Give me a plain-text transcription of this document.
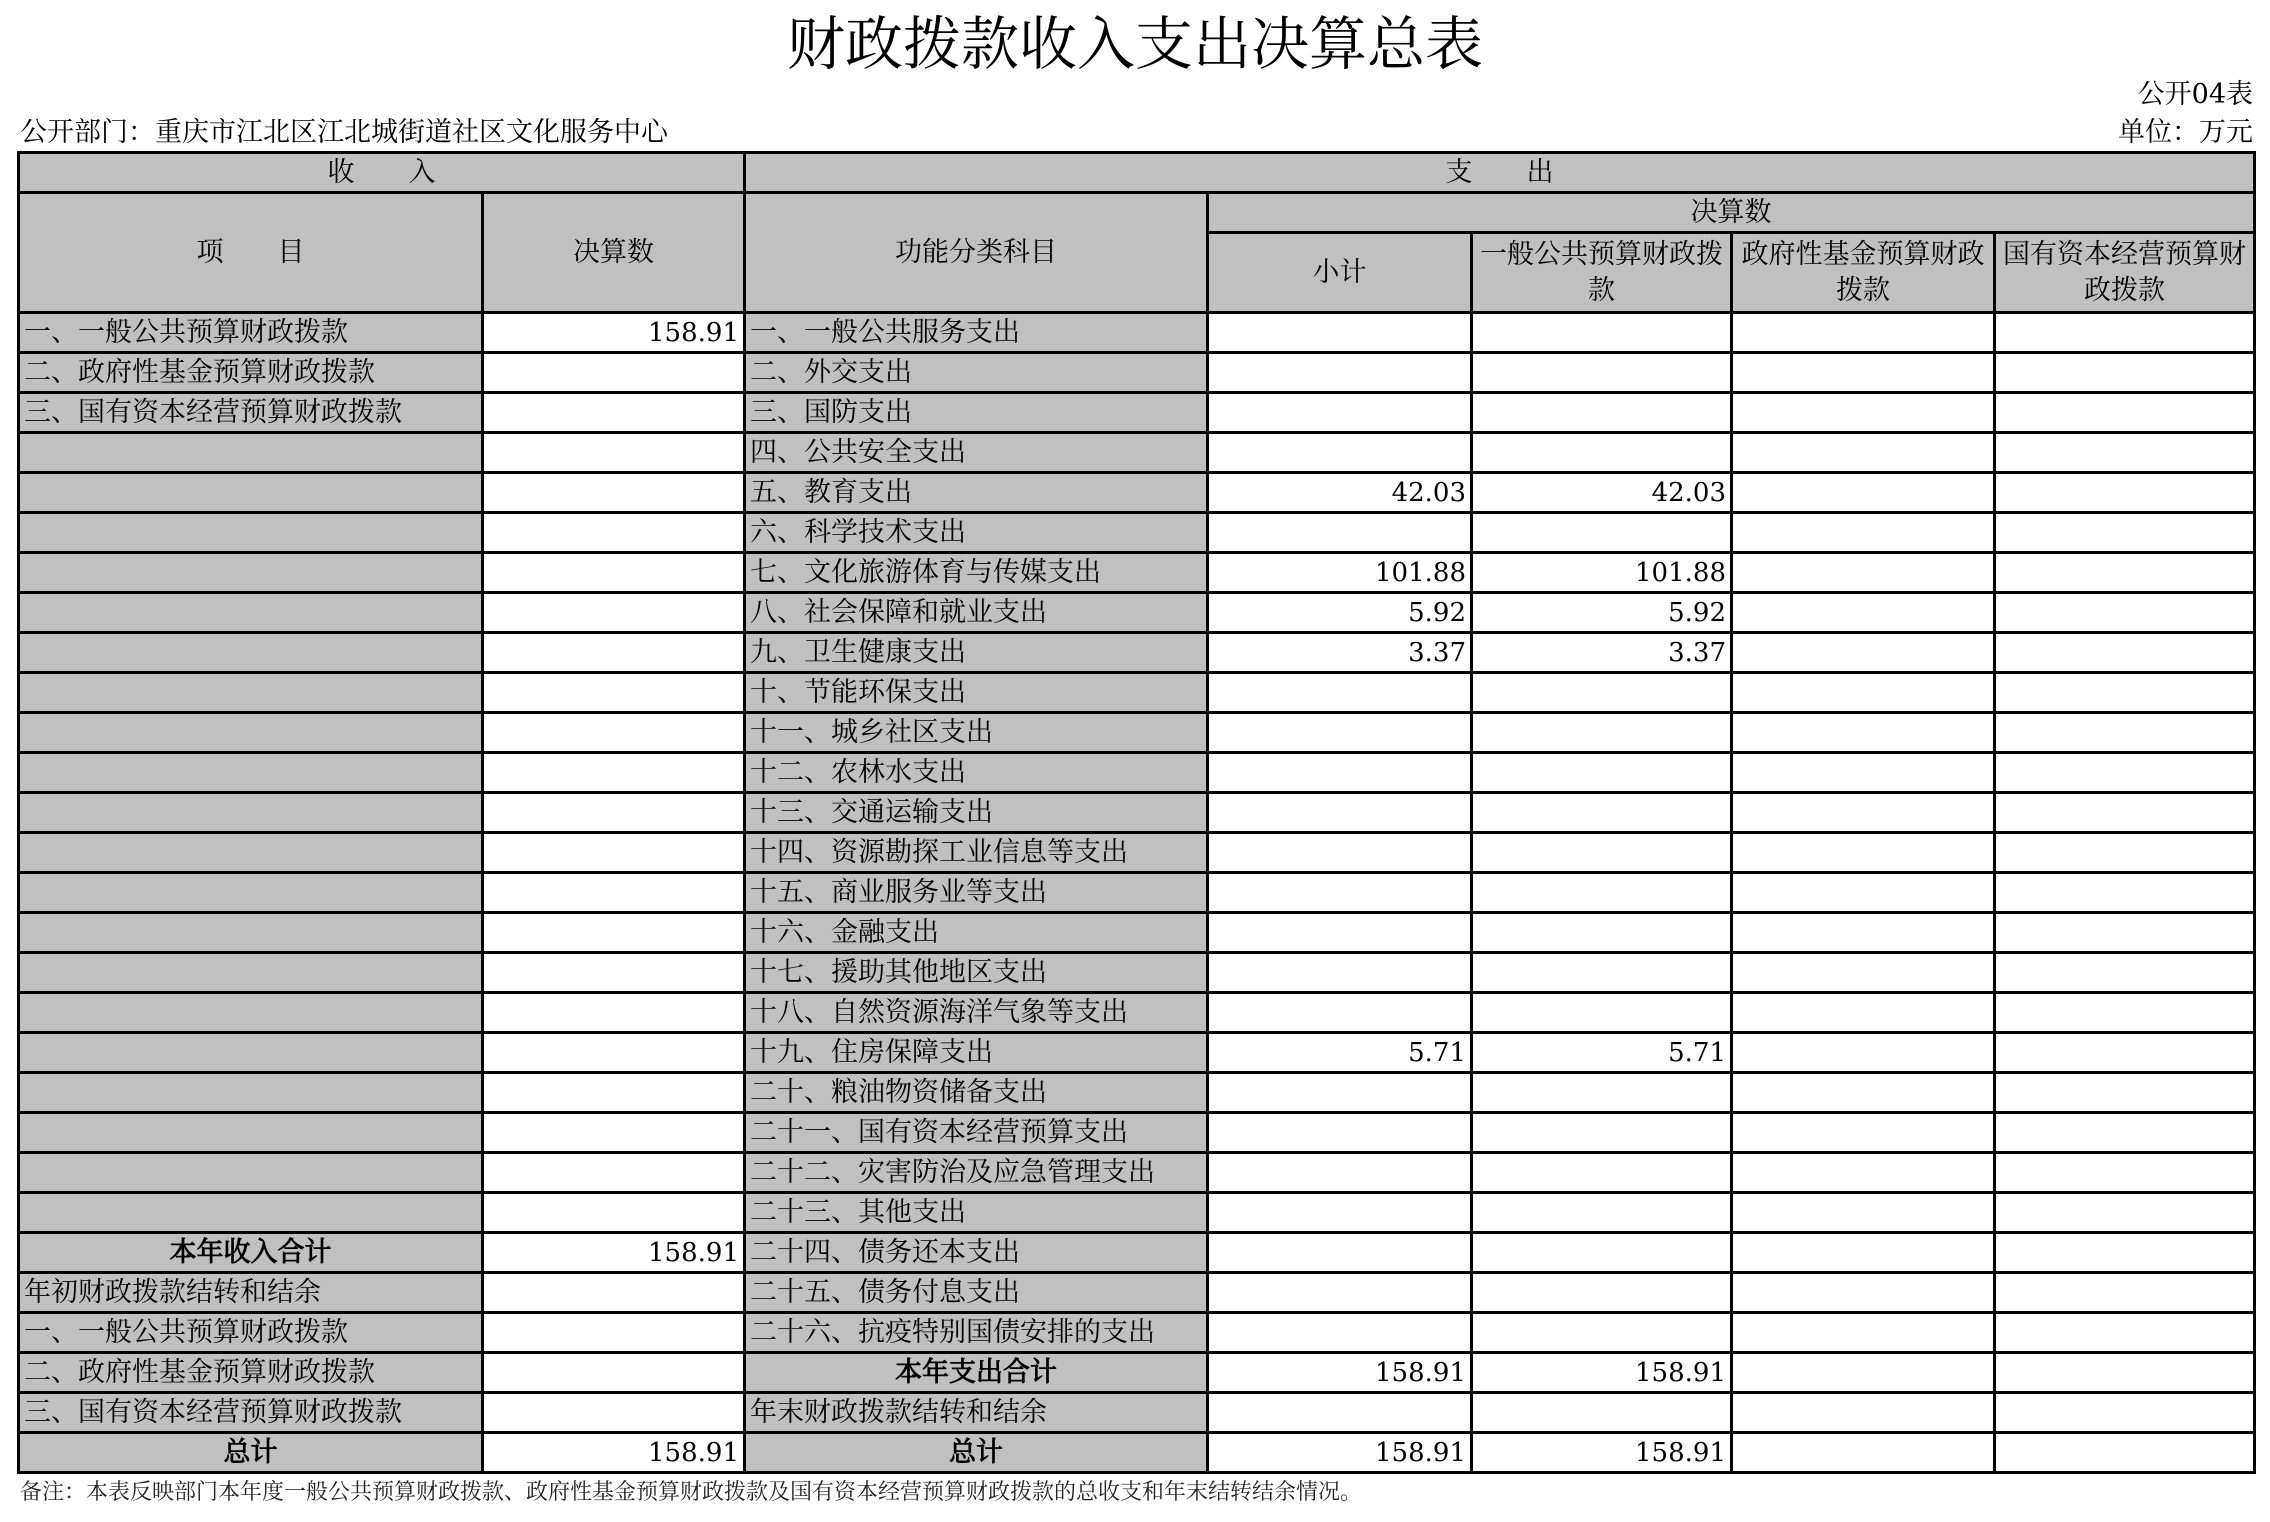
财政拨款收入支出决算总表
公开04表
公开部门：重庆市江北区江北城街道社区文化服务中心	单位：万元
收　　入		支　　出				
项　　目	决算数	功能分类科目	决算数			
			小计	一般公共预算财政拨款	政府性基金预算财政拨款	国有资本经营预算财政拨款
一、一般公共预算财政拨款	158.91	一、一般公共服务支出				
二、政府性基金预算财政拨款		二、外交支出				
三、国有资本经营预算财政拨款		三、国防支出				
		四、公共安全支出				
		五、教育支出	42.03	42.03		
		六、科学技术支出				
		七、文化旅游体育与传媒支出	101.88	101.88		
		八、社会保障和就业支出	5.92	5.92		
		九、卫生健康支出	3.37	3.37		
		十、节能环保支出				
		十一、城乡社区支出				
		十二、农林水支出				
		十三、交通运输支出				
		十四、资源勘探工业信息等支出				
		十五、商业服务业等支出				
		十六、金融支出				
		十七、援助其他地区支出				
		十八、自然资源海洋气象等支出				
		十九、住房保障支出	5.71	5.71		
		二十、粮油物资储备支出				
		二十一、国有资本经营预算支出				
		二十二、灾害防治及应急管理支出				
		二十三、其他支出				
本年收入合计	158.91	二十四、债务还本支出				
年初财政拨款结转和结余		二十五、债务付息支出				
一、一般公共预算财政拨款		二十六、抗疫特别国债安排的支出				
二、政府性基金预算财政拨款		本年支出合计	158.91	158.91		
三、国有资本经营预算财政拨款		年末财政拨款结转和结余				
总计	158.91	总计	158.91	158.91		
备注：本表反映部门本年度一般公共预算财政拨款、政府性基金预算财政拨款及国有资本经营预算财政拨款的总收支和年末结转结余情况。
